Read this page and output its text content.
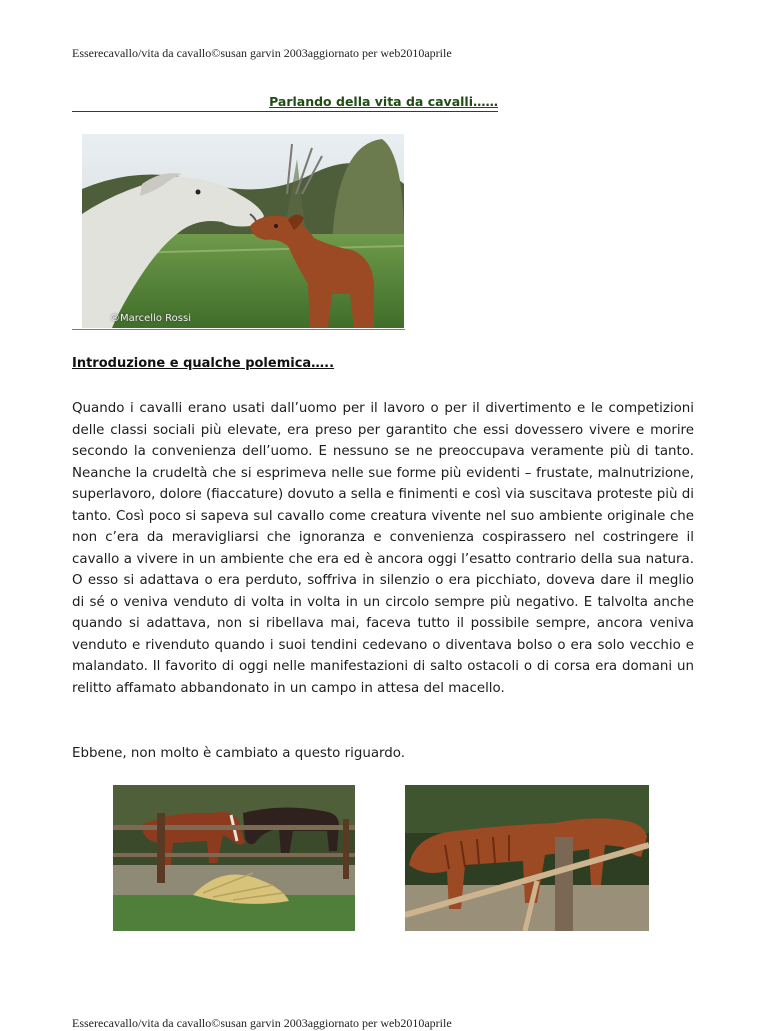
Esserecavallo/vita da cavallo©susan garvin 2003aggiornato per web2010aprile
Parlando della vita da cavalli……
®Marcello Rossi
Introduzione e qualche polemica…..

Quando i cavalli erano usati dall’uomo per il lavoro o per il divertimento e le competizioni delle classi sociali più elevate, era preso per garantito che essi dovessero vivere e morire secondo la convenienza dell’uomo. E nessuno se ne preoccupava veramente più di tanto. Neanche la crudeltà che si esprimeva nelle sue forme più evidenti – frustate, malnutrizione, superlavoro, dolore (fiaccature) dovuto a sella e finimenti e così via suscitava proteste più di tanto. Così poco si sapeva sul cavallo come creatura vivente nel suo ambiente originale che non c’era da meravigliarsi che ignoranza e convenienza cospirassero nel costringere il cavallo a vivere in un ambiente che era ed è ancora oggi l’esatto contrario della sua natura. O esso si adattava o era perduto, soffriva in silenzio o era picchiato, doveva dare il meglio di sé o veniva venduto di volta in volta in un circolo sempre più negativo. E talvolta anche quando si adattava, non si ribellava mai, faceva tutto il possibile sempre, ancora veniva venduto e rivenduto quando i suoi tendini cedevano o diventava bolso o era solo vecchio e malandato. Il favorito di oggi nelle manifestazioni di salto ostacoli o di corsa era domani un relitto affamato abbandonato in un campo in attesa del macello.

Ebbene, non molto è cambiato a questo riguardo.
Esserecavallo/vita da cavallo©susan garvin 2003aggiornato per web2010aprile
